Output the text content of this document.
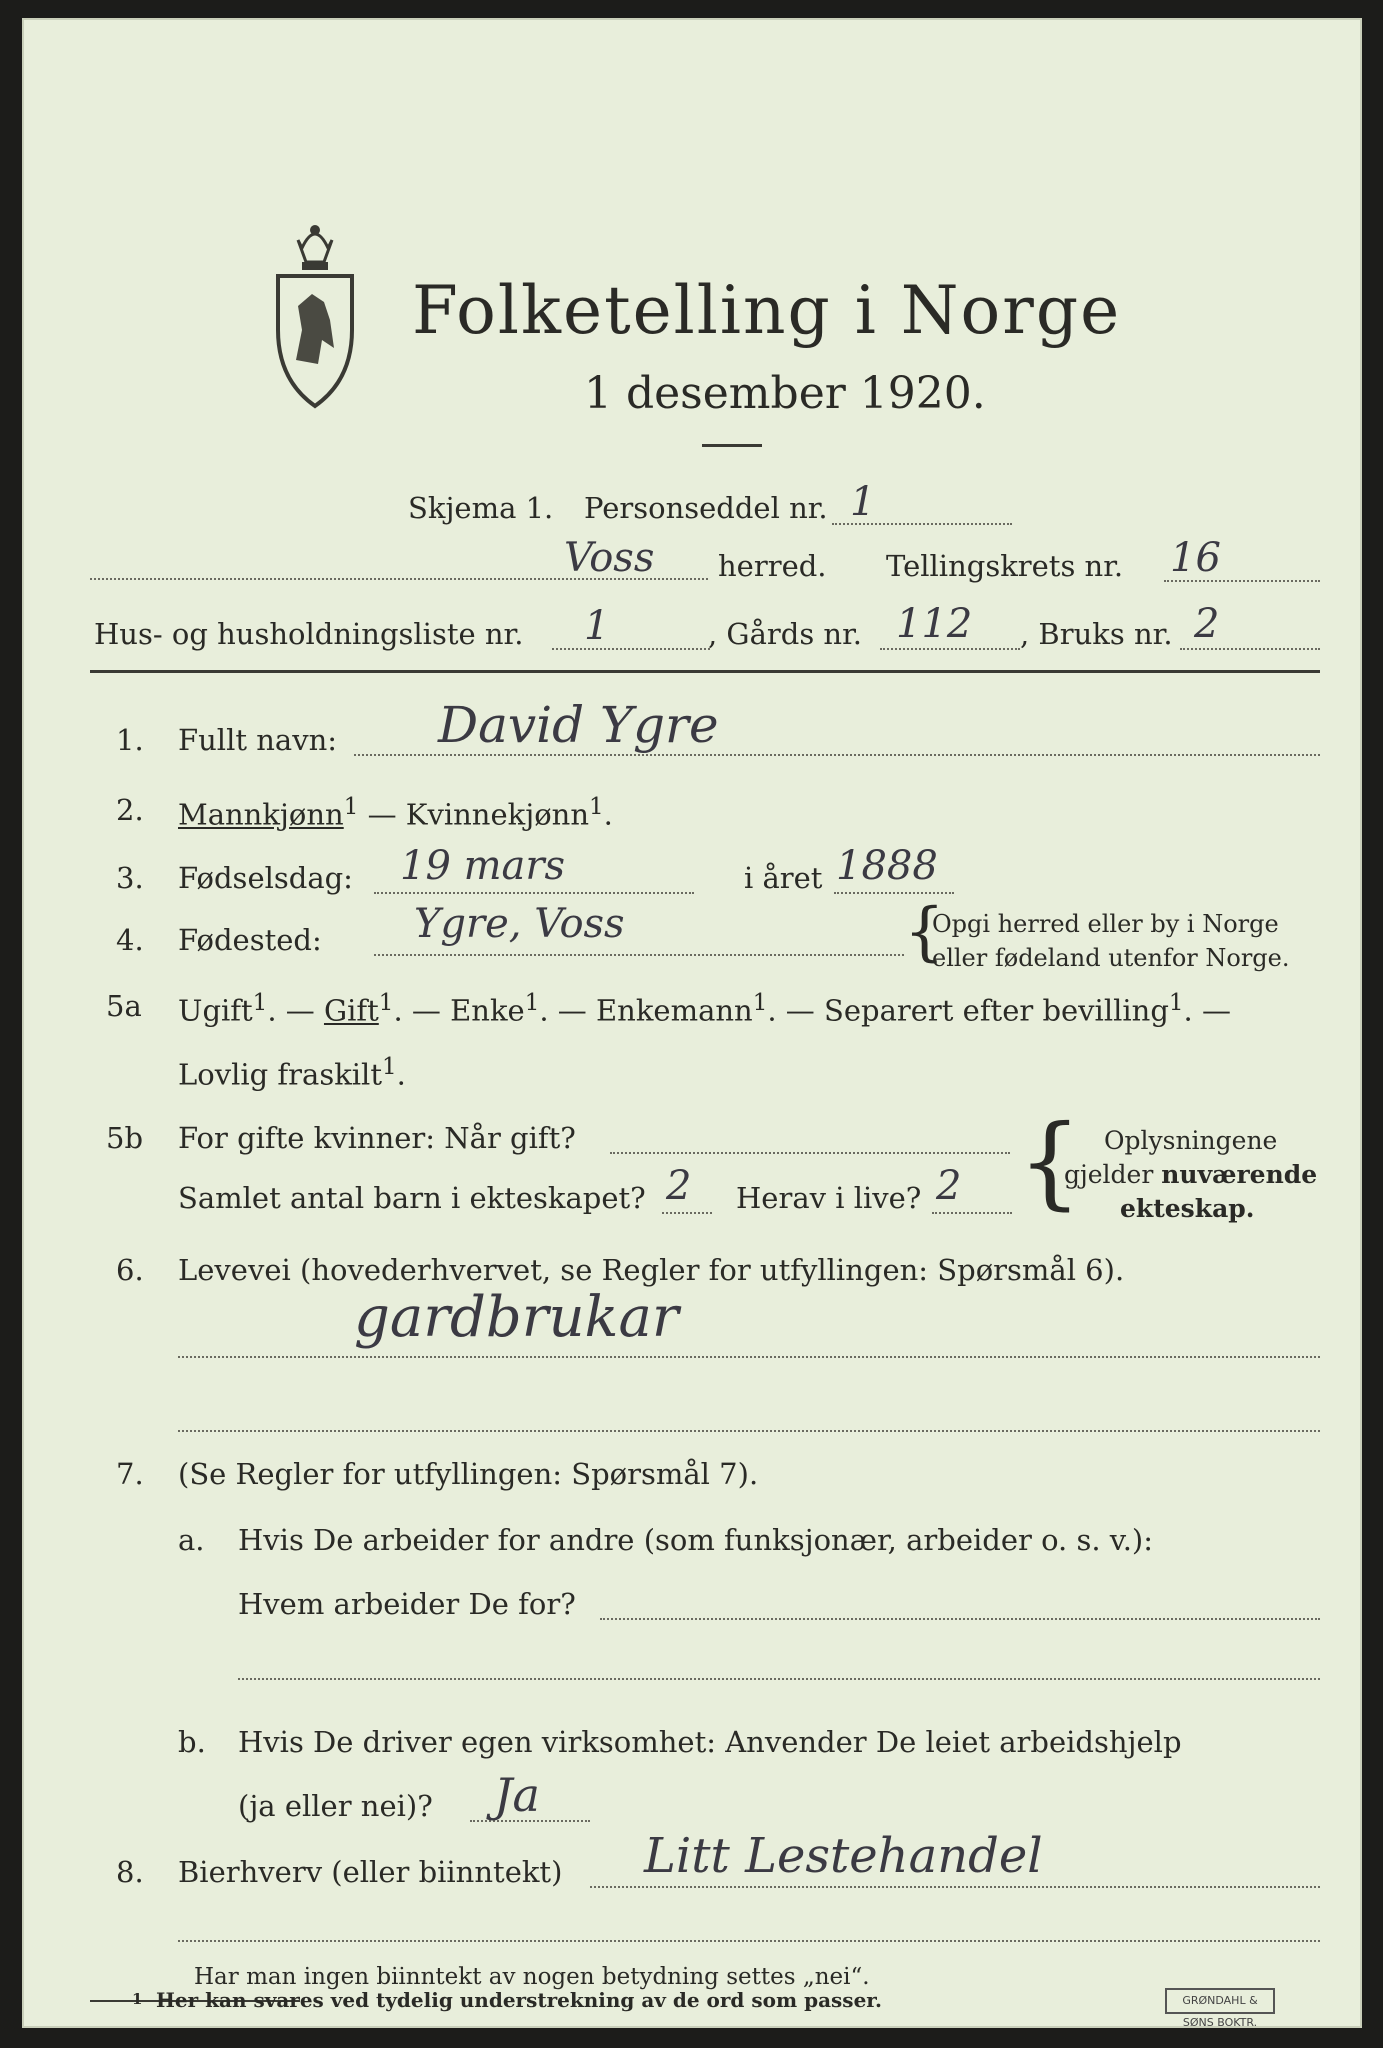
Folketelling i Norge
1 desember 1920.
Skjema 1. Personseddel nr. 1
Voss herred. Tellingskrets nr. 16
Hus- og husholdningsliste nr. 1	, Gårds nr. 112 , Bruks nr. 2
1. Fullt navn: David Ygre
2. Mannkjønn$^1$ — Kvinnekjønn$^1$.
3. Fødselsdag: 19 mars	i året 1888
4. Fødested: Ygre, Voss	{
Opgi herred eller by i Norge
eller fødeland utenfor Norge.
5a Ugift$^1$. — Gift$^1$. — Enke$^1$. — Enkemann$^1$. — Separert efter bevilling$^1$. —
Lovlig fraskilt$^1$.
5b For gifte kvinner: Når gift?
Samlet antal barn i ekteskapet? 2 Herav i live? 2 { Oplysningene
gjelder nuværende
ekteskap.
6. Levevei (hovederhvervet, se Regler for utfyllingen: Spørsmål 6).
gardbrukar
7. (Se Regler for utfyllingen: Spørsmål 7).
a. Hvis De arbeider for andre (som funksjonær, arbeider o. s. v.):
Hvem arbeider De for?
b. Hvis De driver egen virksomhet: Anvender De leiet arbeidshjelp
(ja eller nei)? Ja
8. Bierhverv (eller biinntekt) Litt Lestehandel
Har man ingen biinntekt av nogen betydning settes „nei“.
1 Her kan svares ved tydelig understrekning av de ord som passer.	GRØNDAHL & SØNS BOKTR.
